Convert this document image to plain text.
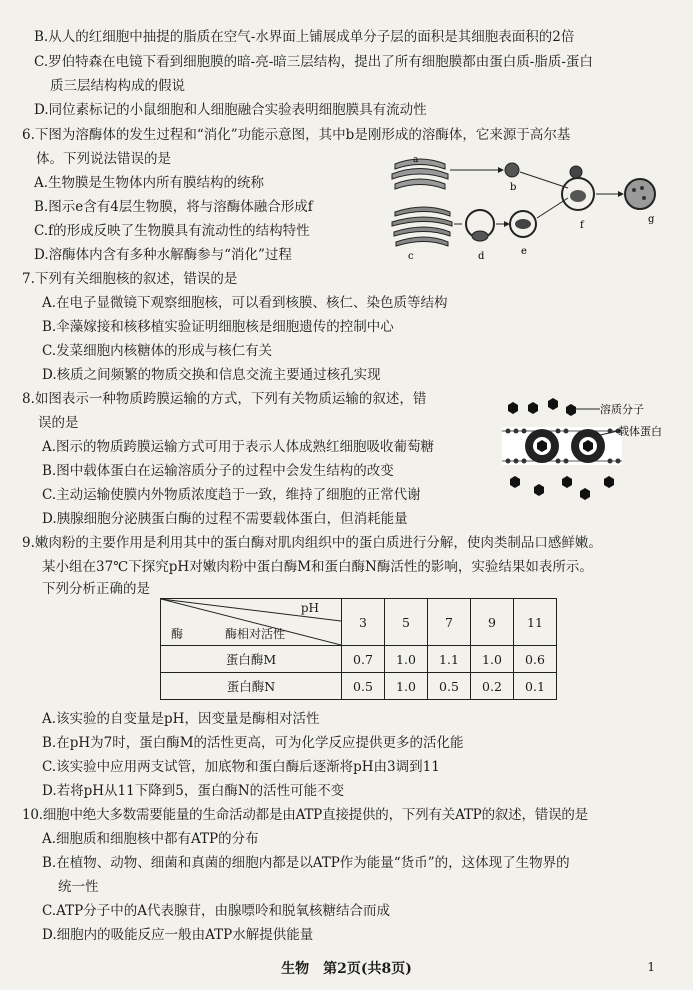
B.从人的红细胞中抽提的脂质在空气-水界面上铺展成单分子层的面积是其细胞表面积的2倍
C.罗伯特森在电镜下看到细胞膜的暗-亮-暗三层结构，提出了所有细胞膜都由蛋白质-脂质-蛋白
质三层结构构成的假说
D.同位素标记的小鼠细胞和人细胞融合实验表明细胞膜具有流动性
6.下图为溶酶体的发生过程和“消化”功能示意图，其中b是刚形成的溶酶体，它来源于高尔基
体。下列说法错误的是
A.生物膜是生物体内所有膜结构的统称
B.图示e含有4层生物膜，将与溶酶体融合形成f
C.f的形成反映了生物膜具有流动性的结构特性
D.溶酶体内含有多种水解酶参与“消化”过程
a
b
c	d	e
f
g
7.下列有关细胞核的叙述，错误的是
A.在电子显微镜下观察细胞核，可以看到核膜、核仁、染色质等结构
B.伞藻嫁接和核移植实验证明细胞核是细胞遗传的控制中心
C.发菜细胞内核糖体的形成与核仁有关
D.核质之间频繁的物质交换和信息交流主要通过核孔实现
8.如图表示一种物质跨膜运输的方式，下列有关物质运输的叙述，错
误的是
A.图示的物质跨膜运输方式可用于表示人体成熟红细胞吸收葡萄糖
B.图中载体蛋白在运输溶质分子的过程中会发生结构的改变
C.主动运输使膜内外物质浓度趋于一致，维持了细胞的正常代谢
D.胰腺细胞分泌胰蛋白酶的过程不需要载体蛋白，但消耗能量
溶质分子
载体蛋白
9.嫩肉粉的主要作用是利用其中的蛋白酶对肌肉组织中的蛋白质进行分解，使肉类制品口感鲜嫩。
某小组在37℃下探究pH对嫩肉粉中蛋白酶M和蛋白酶N酶活性的影响，实验结果如表所示。
下列分析正确的是
pH
酶 酶相对活性	3	5	7	9	11
蛋白酶M	0.7	1.0	1.1	1.0	0.6
蛋白酶N	0.5	1.0	0.5	0.2	0.1
A.该实验的自变量是pH，因变量是酶相对活性
B.在pH为7时，蛋白酶M的活性更高，可为化学反应提供更多的活化能
C.该实验中应用两支试管，加底物和蛋白酶后逐渐将pH由3调到11
D.若将pH从11下降到5，蛋白酶N的活性可能不变
10.细胞中绝大多数需要能量的生命活动都是由ATP直接提供的，下列有关ATP的叙述，错误的是
A.细胞质和细胞核中都有ATP的分布
B.在植物、动物、细菌和真菌的细胞内都是以ATP作为能量“货币”的，这体现了生物界的
统一性
C.ATP分子中的A代表腺苷，由腺嘌呤和脱氧核糖结合而成
D.细胞内的吸能反应一般由ATP水解提供能量
生物　第2页(共8页)	1
